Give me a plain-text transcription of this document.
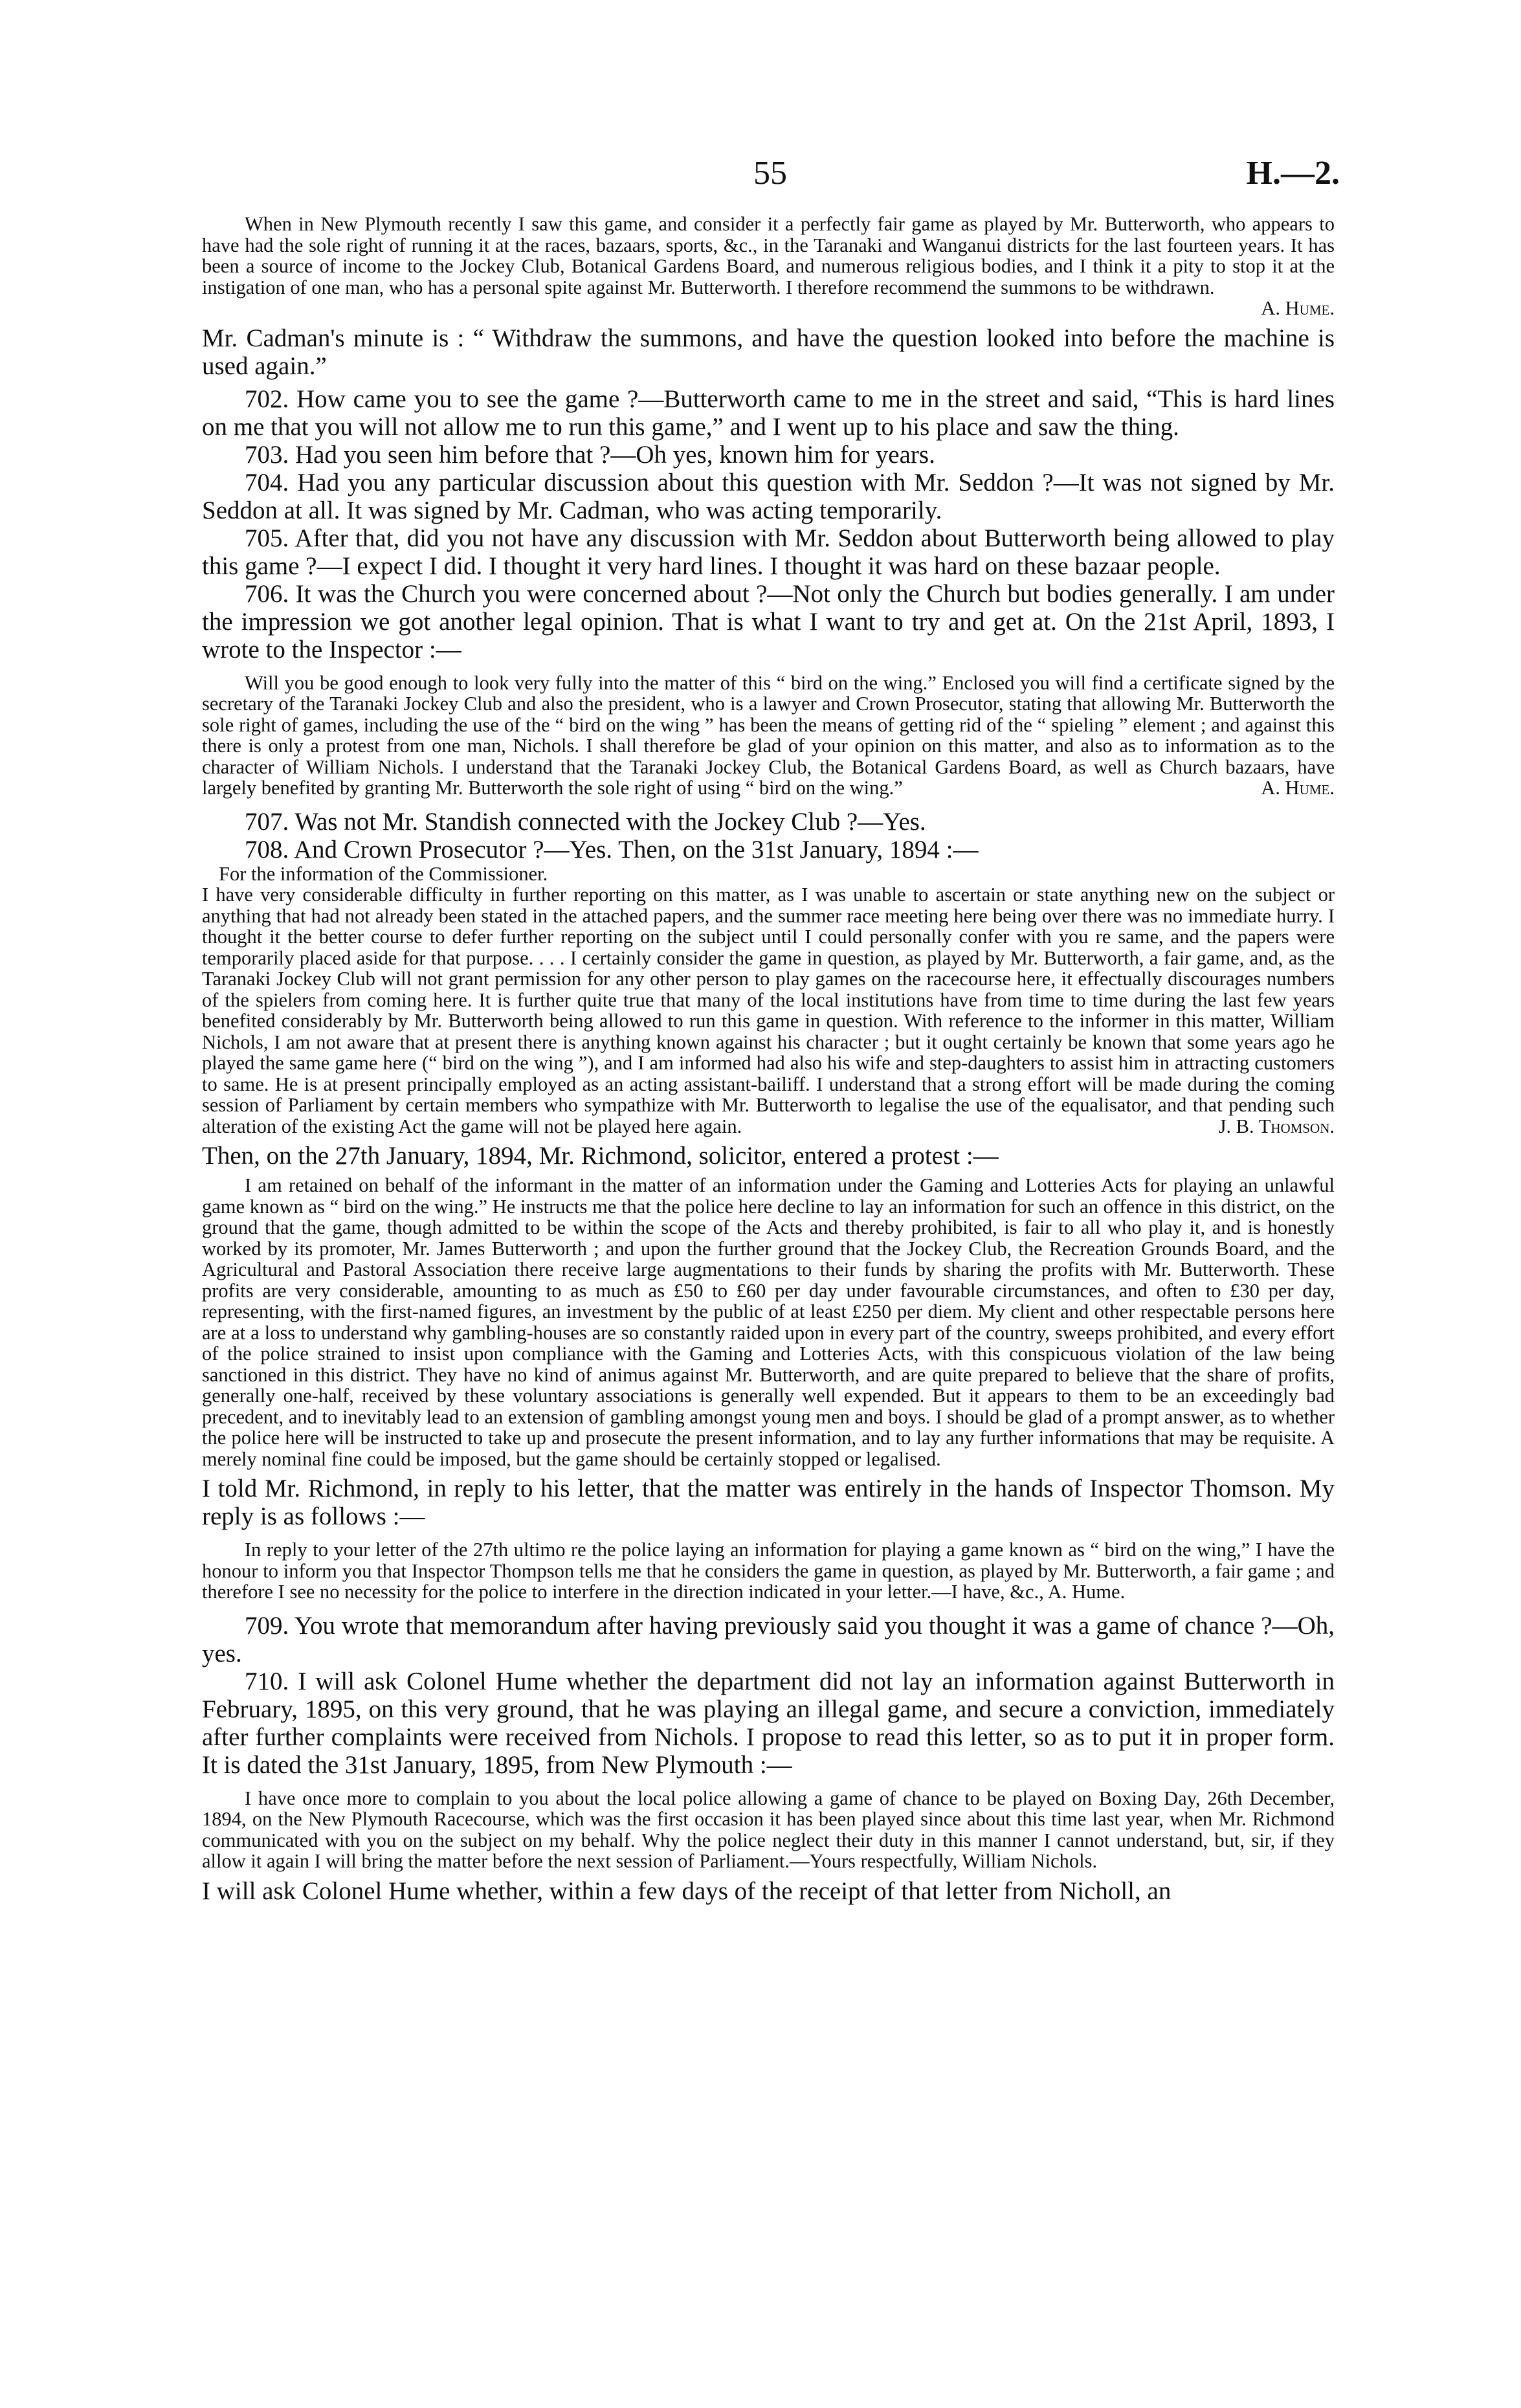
55	H.—2.

When in New Plymouth recently I saw this game, and consider it a perfectly fair game as played by Mr. Butterworth, who appears to have had the sole right of running it at the races, bazaars, sports, &c., in the Taranaki and Wanganui districts for the last fourteen years. It has been a source of income to the Jockey Club, Botanical Gardens Board, and numerous religious bodies, and I think it a pity to stop it at the instigation of one man, who has a personal spite against Mr. Butterworth. I therefore recommend the summons to be withdrawn.
A. Hume.

Mr. Cadman's minute is : “ Withdraw the summons, and have the question looked into before the machine is used again.”

702. How came you to see the game ?—Butterworth came to me in the street and said, “This is hard lines on me that you will not allow me to run this game,” and I went up to his place and saw the thing.

703. Had you seen him before that ?—Oh yes, known him for years.

704. Had you any particular discussion about this question with Mr. Seddon ?—It was not signed by Mr. Seddon at all. It was signed by Mr. Cadman, who was acting temporarily.

705. After that, did you not have any discussion with Mr. Seddon about Butterworth being allowed to play this game ?—I expect I did. I thought it very hard lines. I thought it was hard on these bazaar people.

706. It was the Church you were concerned about ?—Not only the Church but bodies generally. I am under the impression we got another legal opinion. That is what I want to try and get at. On the 21st April, 1893, I wrote to the Inspector :—

Will you be good enough to look very fully into the matter of this “ bird on the wing.” Enclosed you will find a certificate signed by the secretary of the Taranaki Jockey Club and also the president, who is a lawyer and Crown Prosecutor, stating that allowing Mr. Butterworth the sole right of games, including the use of the “ bird on the wing ” has been the means of getting rid of the “ spieling ” element ; and against this there is only a protest from one man, Nichols. I shall therefore be glad of your opinion on this matter, and also as to information as to the character of William Nichols. I understand that the Taranaki Jockey Club, the Botanical Gardens Board, as well as Church bazaars, have largely benefited by granting Mr. Butterworth the sole right of using “ bird on the wing.”	A. Hume.

707. Was not Mr. Standish connected with the Jockey Club ?—Yes.

708. And Crown Prosecutor ?—Yes. Then, on the 31st January, 1894 :—

For the information of the Commissioner.

I have very considerable difficulty in further reporting on this matter, as I was unable to ascertain or state anything new on the subject or anything that had not already been stated in the attached papers, and the summer race meeting here being over there was no immediate hurry. I thought it the better course to defer further reporting on the subject until I could personally confer with you re same, and the papers were temporarily placed aside for that purpose. . . . I certainly consider the game in question, as played by Mr. Butterworth, a fair game, and, as the Taranaki Jockey Club will not grant permission for any other person to play games on the racecourse here, it effectually discourages numbers of the spielers from coming here. It is further quite true that many of the local institutions have from time to time during the last few years benefited considerably by Mr. Butterworth being allowed to run this game in question. With reference to the informer in this matter, William Nichols, I am not aware that at present there is anything known against his character ; but it ought certainly be known that some years ago he played the same game here (“ bird on the wing ”), and I am informed had also his wife and step-daughters to assist him in attracting customers to same. He is at present principally employed as an acting assistant-bailiff. I understand that a strong effort will be made during the coming session of Parliament by certain members who sympathize with Mr. Butterworth to legalise the use of the equalisator, and that pending such alteration of the existing Act the game will not be played here again.	J. B. Thomson.

Then, on the 27th January, 1894, Mr. Richmond, solicitor, entered a protest :—

I am retained on behalf of the informant in the matter of an information under the Gaming and Lotteries Acts for playing an unlawful game known as “ bird on the wing.” He instructs me that the police here decline to lay an information for such an offence in this district, on the ground that the game, though admitted to be within the scope of the Acts and thereby prohibited, is fair to all who play it, and is honestly worked by its promoter, Mr. James Butterworth ; and upon the further ground that the Jockey Club, the Recreation Grounds Board, and the Agricultural and Pastoral Association there receive large augmentations to their funds by sharing the profits with Mr. Butterworth. These profits are very considerable, amounting to as much as £50 to £60 per day under favourable circumstances, and often to £30 per day, representing, with the first-named figures, an investment by the public of at least £250 per diem. My client and other respectable persons here are at a loss to understand why gambling-houses are so constantly raided upon in every part of the country, sweeps prohibited, and every effort of the police strained to insist upon compliance with the Gaming and Lotteries Acts, with this conspicuous violation of the law being sanctioned in this district. They have no kind of animus against Mr. Butterworth, and are quite prepared to believe that the share of profits, generally one-half, received by these voluntary associations is generally well expended. But it appears to them to be an exceedingly bad precedent, and to inevitably lead to an extension of gambling amongst young men and boys. I should be glad of a prompt answer, as to whether the police here will be instructed to take up and prosecute the present information, and to lay any further informations that may be requisite. A merely nominal fine could be imposed, but the game should be certainly stopped or legalised.

I told Mr. Richmond, in reply to his letter, that the matter was entirely in the hands of Inspector Thomson. My reply is as follows :—

In reply to your letter of the 27th ultimo re the police laying an information for playing a game known as “ bird on the wing,” I have the honour to inform you that Inspector Thompson tells me that he considers the game in question, as played by Mr. Butterworth, a fair game ; and therefore I see no necessity for the police to interfere in the direction indicated in your letter.—I have, &c., A. Hume.

709. You wrote that memorandum after having previously said you thought it was a game of chance ?—Oh, yes.

710. I will ask Colonel Hume whether the department did not lay an information against Butterworth in February, 1895, on this very ground, that he was playing an illegal game, and secure a conviction, immediately after further complaints were received from Nichols. I propose to read this letter, so as to put it in proper form. It is dated the 31st January, 1895, from New Plymouth :—

I have once more to complain to you about the local police allowing a game of chance to be played on Boxing Day, 26th December, 1894, on the New Plymouth Racecourse, which was the first occasion it has been played since about this time last year, when Mr. Richmond communicated with you on the subject on my behalf. Why the police neglect their duty in this manner I cannot understand, but, sir, if they allow it again I will bring the matter before the next session of Parliament.—Yours respectfully, William Nichols.

I will ask Colonel Hume whether, within a few days of the receipt of that letter from Nicholl, an
